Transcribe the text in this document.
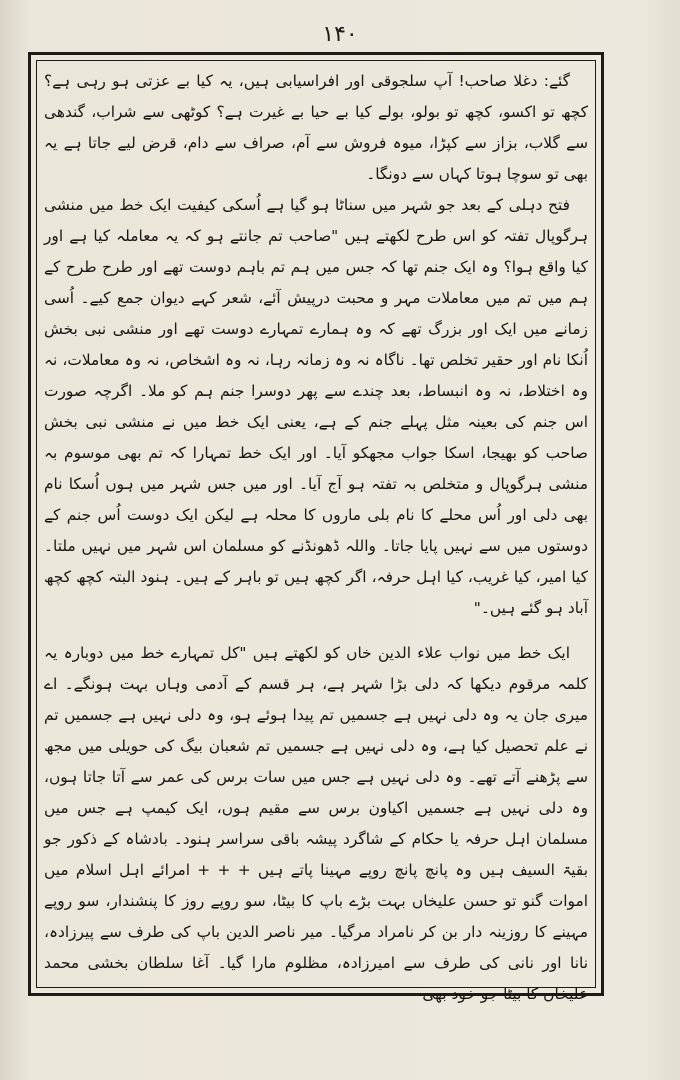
۱۴۰

گئے: دغلا صاحب! آپ سلجوقی اور افراسیابی ہیں، یہ کیا بے عزتی ہو رہی ہے؟ کچھ تو اکسو، کچھ تو بولو، بولے کیا بے حیا بے غیرت ہے؟ کوٹھی سے شراب، گندھی سے گلاب، بزاز سے کپڑا، میوہ فروش سے آم، صراف سے دام، قرض لیے جاتا ہے یہ بھی تو سوچا ہوتا کہاں سے دونگا۔

فتح دہلی کے بعد جو شہر میں سناٹا ہو گیا ہے اُسکی کیفیت ایک خط میں منشی ہرگوپال تفتہ کو اس طرح لکھتے ہیں "صاحب تم جانتے ہو کہ یہ معاملہ کیا ہے اور کیا واقع ہوا؟ وہ ایک جنم تھا کہ جس میں ہم تم باہم دوست تھے اور طرح طرح کے ہم میں تم میں معاملات مہر و محبت درپیش آئے، شعر کہے دیوان جمع کیے۔ اُسی زمانے میں ایک اور بزرگ تھے کہ وہ ہمارے تمہارے دوست تھے اور منشی نبی بخش اُنکا نام اور حقیر تخلص تھا۔ ناگاہ نہ وہ زمانہ رہا، نہ وہ اشخاص، نہ وہ معاملات، نہ وہ اختلاط، نہ وہ انبساط، بعد چندے سے پھر دوسرا جنم ہم کو ملا۔ اگرچہ صورت اس جنم کی بعینہ مثل پہلے جنم کے ہے، یعنی ایک خط میں نے منشی نبی بخش صاحب کو بھیجا، اسکا جواب مجھکو آیا۔ اور ایک خط تمہارا کہ تم بھی موسوم بہ منشی ہرگوپال و متخلص بہ تفتہ ہو آج آیا۔ اور میں جس شہر میں ہوں اُسکا نام بھی دلی اور اُس محلے کا نام بلی ماروں کا محلہ ہے لیکن ایک دوست اُس جنم کے دوستوں میں سے نہیں پایا جاتا۔ واللہ ڈھونڈنے کو مسلمان اس شہر میں نہیں ملتا۔ کیا امیر، کیا غریب، کیا اہل حرفہ، اگر کچھ ہیں تو باہر کے ہیں۔ ہنود البتہ کچھ کچھ آباد ہو گئے ہیں۔"

ایک خط میں نواب علاء الدین خاں کو لکھتے ہیں "کل تمہارے خط میں دوبارہ یہ کلمہ مرقوم دیکھا کہ دلی بڑا شہر ہے، ہر قسم کے آدمی وہاں بہت ہونگے۔ اے میری جان یہ وہ دلی نہیں ہے جسمیں تم پیدا ہوئے ہو، وہ دلی نہیں ہے جسمیں تم نے علم تحصیل کیا ہے، وہ دلی نہیں ہے جسمیں تم شعبان بیگ کی حویلی میں مجھ سے پڑھنے آتے تھے۔ وہ دلی نہیں ہے جس میں سات برس کی عمر سے آتا جاتا ہوں، وہ دلی نہیں ہے جسمیں اکیاون برس سے مقیم ہوں، ایک کیمپ ہے جس میں مسلمان اہل حرفہ یا حکام کے شاگرد پیشہ باقی سراسر ہنود۔ بادشاہ کے ذکور جو بقیۃ السیف ہیں وہ پانچ پانچ روپے مہینا پاتے ہیں + + + امرائے اہل اسلام میں اموات گنو تو حسن علیخاں بہت بڑے باپ کا بیٹا، سو روپے روز کا پنشندار، سو روپے مہینے کا روزینہ دار بن کر نامراد مرگیا۔ میر ناصر الدین باپ کی طرف سے پیرزادہ، نانا اور نانی کی طرف سے امیرزادہ، مظلوم مارا گیا۔ آغا سلطان بخشی محمد علیخاں کا بیٹا جو خود بھی
